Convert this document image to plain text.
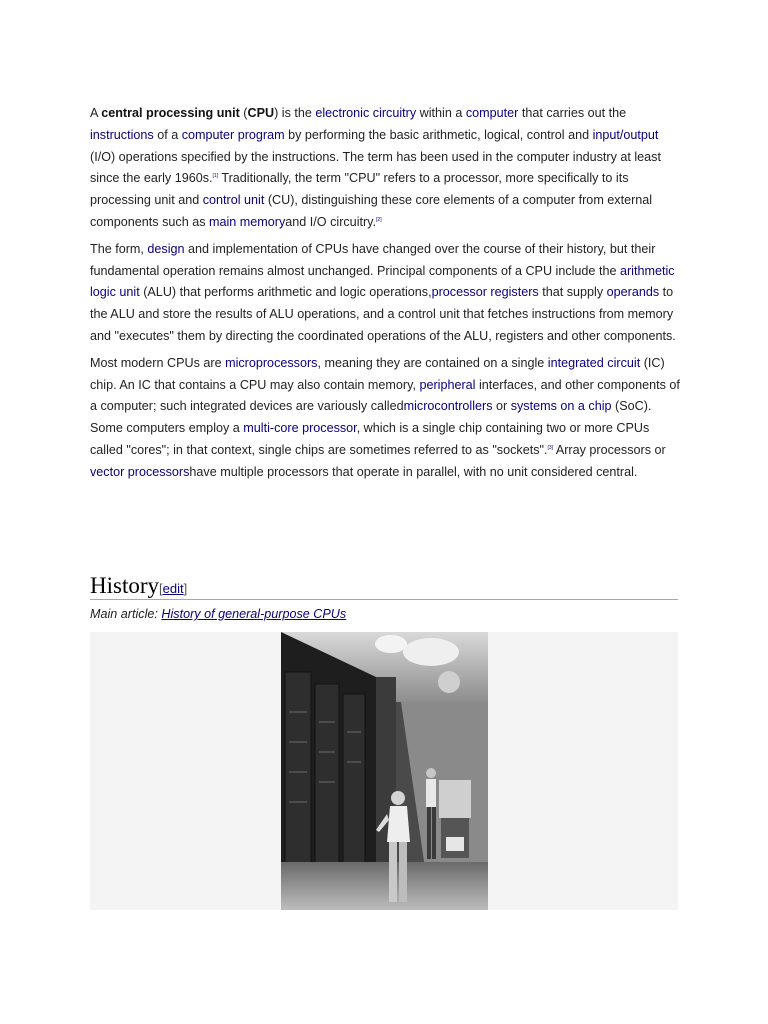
A central processing unit (CPU) is the electronic circuitry within a computer that carries out the instructions of a computer program by performing the basic arithmetic, logical, control and input/output (I/O) operations specified by the instructions. The term has been used in the computer industry at least since the early 1960s.[1] Traditionally, the term "CPU" refers to a processor, more specifically to its processing unit and control unit (CU), distinguishing these core elements of a computer from external components such as main memoryand I/O circuitry.[2]

The form, design and implementation of CPUs have changed over the course of their history, but their fundamental operation remains almost unchanged. Principal components of a CPU include the arithmetic logic unit (ALU) that performs arithmetic and logic operations,processor registers that supply operands to the ALU and store the results of ALU operations, and a control unit that fetches instructions from memory and "executes" them by directing the coordinated operations of the ALU, registers and other components.

Most modern CPUs are microprocessors, meaning they are contained on a single integrated circuit (IC) chip. An IC that contains a CPU may also contain memory, peripheral interfaces, and other components of a computer; such integrated devices are variously calledmicrocontrollers or systems on a chip (SoC). Some computers employ a multi-core processor, which is a single chip containing two or more CPUs called "cores"; in that context, single chips are sometimes referred to as "sockets".[3] Array processors or vector processorshave multiple processors that operate in parallel, with no unit considered central.

History[edit]
Main article: History of general-purpose CPUs
